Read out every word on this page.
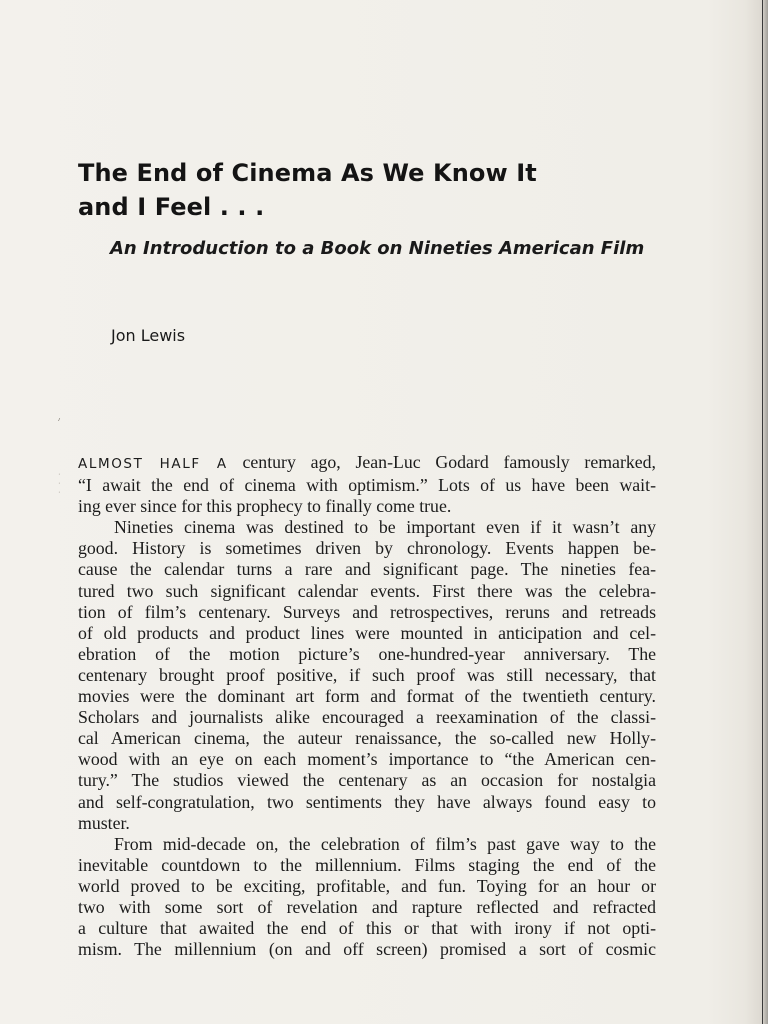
The End of Cinema As We Know It
and I Feel . . .
An Introduction to a Book on Nineties American Film

Jon Lewis

‚̣
⋅
⋅
⋅

ALMOST HALF A century ago, Jean-Luc Godard famously remarked,
“I await the end of cinema with optimism.” Lots of us have been wait-
ing ever since for this prophecy to finally come true.

Nineties cinema was destined to be important even if it wasn’t any
good. History is sometimes driven by chronology. Events happen be-
cause the calendar turns a rare and significant page. The nineties fea-
tured two such significant calendar events. First there was the celebra-
tion of film’s centenary. Surveys and retrospectives, reruns and retreads
of old products and product lines were mounted in anticipation and cel-
ebration of the motion picture’s one-hundred-year anniversary. The
centenary brought proof positive, if such proof was still necessary, that
movies were the dominant art form and format of the twentieth century.
Scholars and journalists alike encouraged a reexamination of the classi-
cal American cinema, the auteur renaissance, the so-called new Holly-
wood with an eye on each moment’s importance to “the American cen-
tury.” The studios viewed the centenary as an occasion for nostalgia
and self-congratulation, two sentiments they have always found easy to
muster.

From mid-decade on, the celebration of film’s past gave way to the
inevitable countdown to the millennium. Films staging the end of the
world proved to be exciting, profitable, and fun. Toying for an hour or
two with some sort of revelation and rapture reflected and refracted
a culture that awaited the end of this or that with irony if not opti-
mism. The millennium (on and off screen) promised a sort of cosmic
